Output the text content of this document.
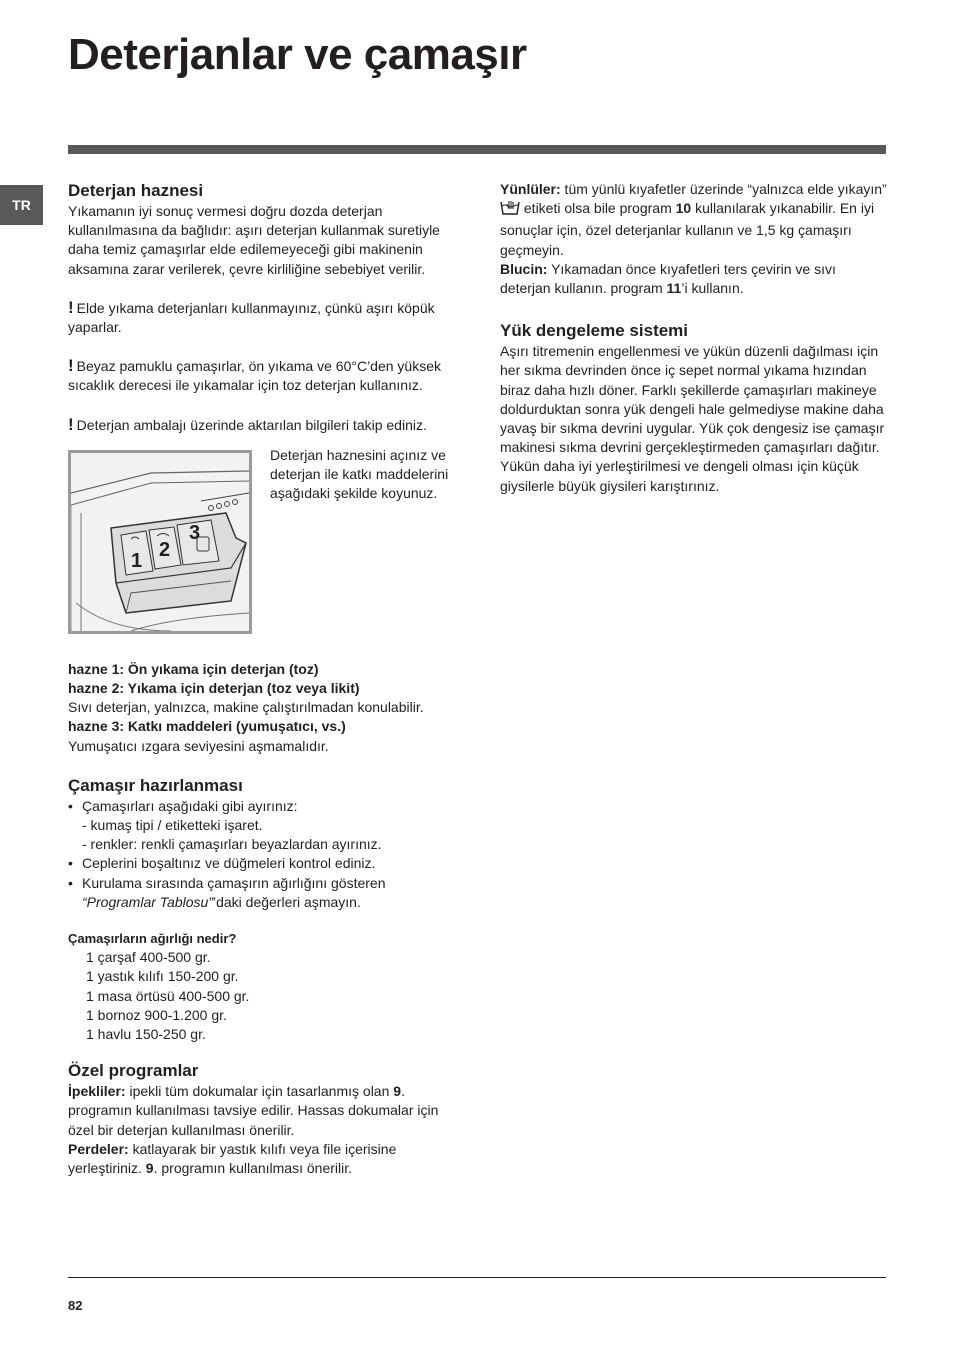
Deterjanlar ve çamaşır
TR
Deterjan haznesi

Yıkamanın iyi sonuç vermesi doğru dozda deterjan kullanılmasına da bağlıdır: aşırı deterjan kullanmak suretiyle daha temiz çamaşırlar elde edilemeyeceği gibi makinenin aksamına zarar verilerek, çevre kirliliğine sebebiyet verilir.

! Elde yıkama deterjanları kullanmayınız, çünkü aşırı köpük yaparlar.

! Beyaz pamuklu çamaşırlar, ön yıkama ve 60°C’den yüksek sıcaklık derecesi ile yıkamalar için toz deterjan kullanınız.

! Deterjan ambalajı üzerinde aktarılan bilgileri takip ediniz.

1 2
3

Deterjan haznesini açınız ve deterjan ile katkı maddelerini aşağıdaki şekilde koyunuz.

hazne 1: Ön yıkama için deterjan (toz)

hazne 2: Yıkama için deterjan (toz veya likit)

Sıvı deterjan, yalnızca, makine çalıştırılmadan konulabilir.

hazne 3: Katkı maddeleri (yumuşatıcı, vs.)

Yumuşatıcı ızgara seviyesini aşmamalıdır.

Çamaşır hazırlanması
• Çamaşırları aşağıdaki gibi ayırınız:
- kumaş tipi / etiketteki işaret.
- renkler: renkli çamaşırları beyazlardan ayırınız.
• Ceplerini boşaltınız ve düğmeleri kontrol ediniz.
• Kurulama sırasında çamaşırın ağırlığını gösteren “Programlar Tablosu”’daki değerleri aşmayın.

Çamaşırların ağırlığı nedir?

1 çarşaf 400-500 gr.

1 yastık kılıfı 150-200 gr.

1 masa örtüsü 400-500 gr.

1 bornoz 900-1.200 gr.

1 havlu 150-250 gr.

Özel programlar

İpekliler: ipekli tüm dokumalar için tasarlanmış olan 9. programın kullanılması tavsiye edilir. Hassas dokumalar için özel bir deterjan kullanılması önerilir.

Perdeler: katlayarak bir yastık kılıfı veya file içerisine yerleştiriniz. 9. programın kullanılması önerilir.

Yünlüler: tüm yünlü kıyafetler üzerinde “yalnızca elde yıkayın”  etiketi olsa bile program 10 kullanılarak yıkanabilir. En iyi sonuçlar için, özel deterjanlar kullanın ve 1,5 kg çamaşırı geçmeyin.

Blucin: Yıkamadan önce kıyafetleri ters çevirin ve sıvı deterjan kullanın. program 11’i kullanın.

Yük dengeleme sistemi

Aşırı titremenin engellenmesi ve yükün düzenli dağılması için her sıkma devrinden önce iç sepet normal yıkama hızından biraz daha hızlı döner. Farklı şekillerde çamaşırları makineye doldurduktan sonra yük dengeli hale gelmediyse makine daha yavaş bir sıkma devrini uygular. Yük çok dengesiz ise çamaşır makinesi sıkma devrini gerçekleştirmeden çamaşırları dağıtır. Yükün daha iyi yerleştirilmesi ve dengeli olması için küçük giysilerle büyük giysileri karıştırınız.

82
